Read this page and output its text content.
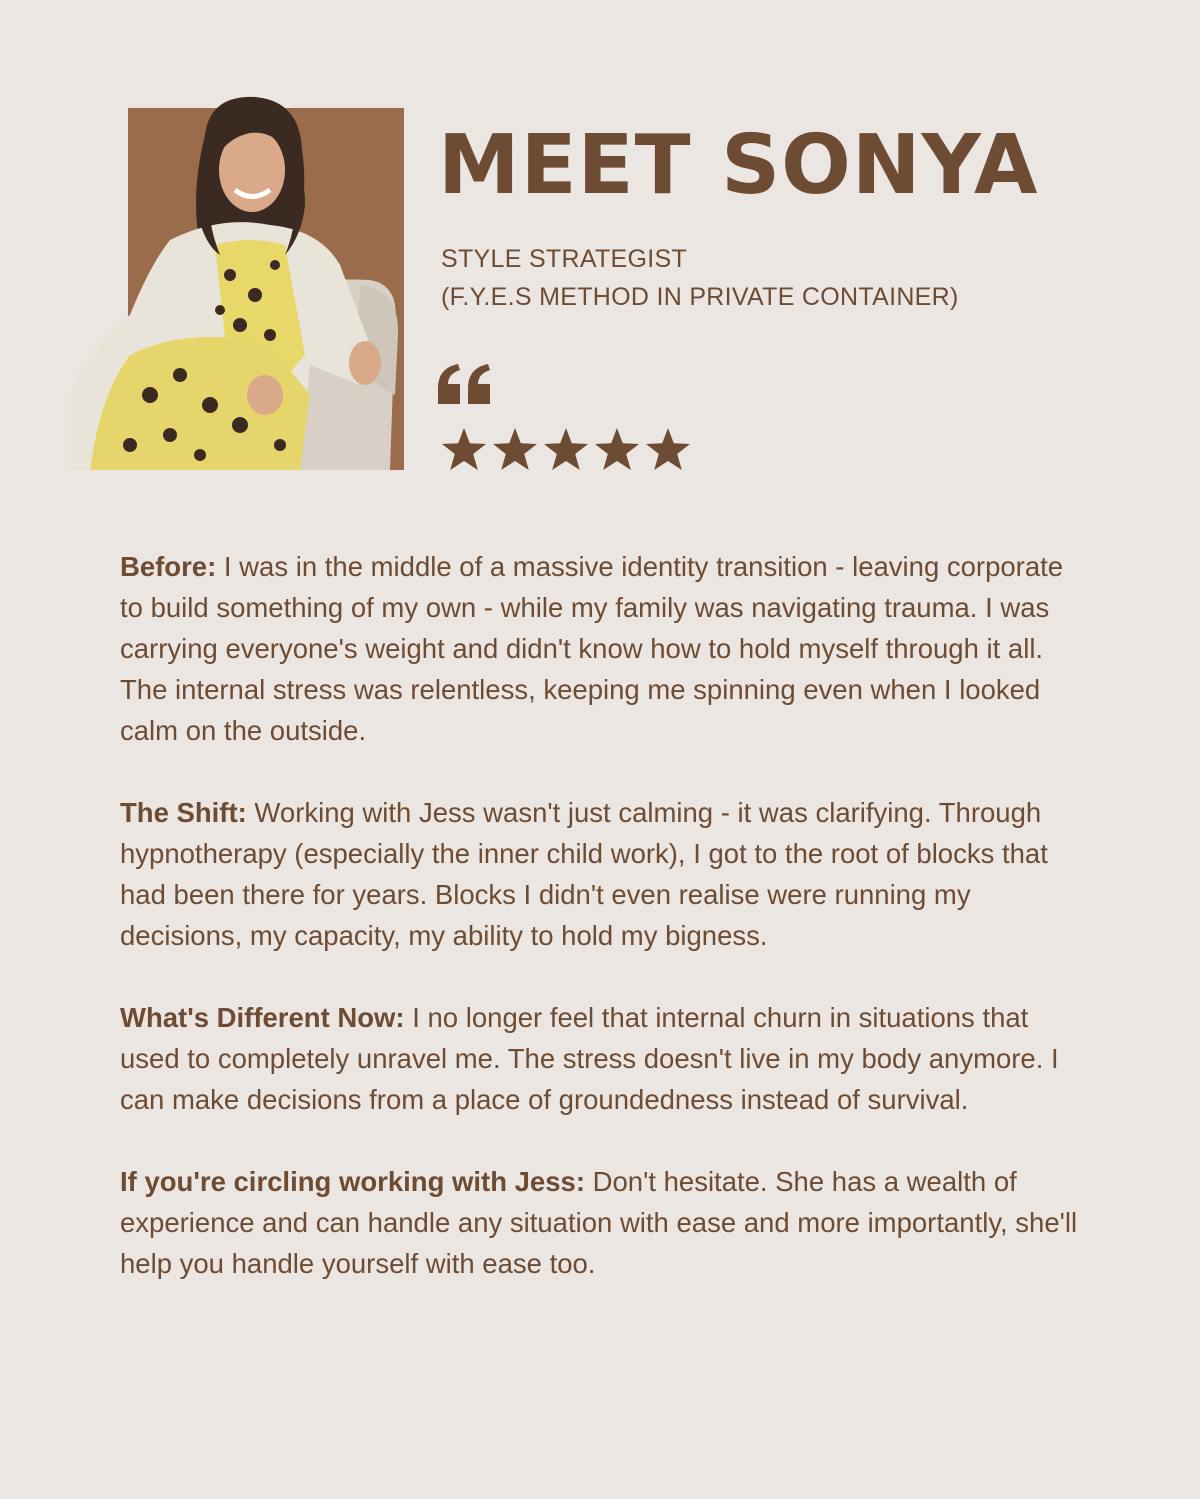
MEET SONYA
STYLE STRATEGIST
(F.Y.E.S METHOD IN PRIVATE CONTAINER)

Before: I was in the middle of a massive identity transition - leaving corporate to build something of my own - while my family was navigating trauma. I was carrying everyone's weight and didn't know how to hold myself through it all. The internal stress was relentless, keeping me spinning even when I looked calm on the outside.

The Shift: Working with Jess wasn't just calming - it was clarifying. Through hypnotherapy (especially the inner child work), I got to the root of blocks that had been there for years. Blocks I didn't even realise were running my decisions, my capacity, my ability to hold my bigness.

What's Different Now: I no longer feel that internal churn in situations that used to completely unravel me. The stress doesn't live in my body anymore. I can make decisions from a place of groundedness instead of survival.

If you're circling working with Jess: Don't hesitate. She has a wealth of experience and can handle any situation with ease and more importantly, she'll help you handle yourself with ease too.
